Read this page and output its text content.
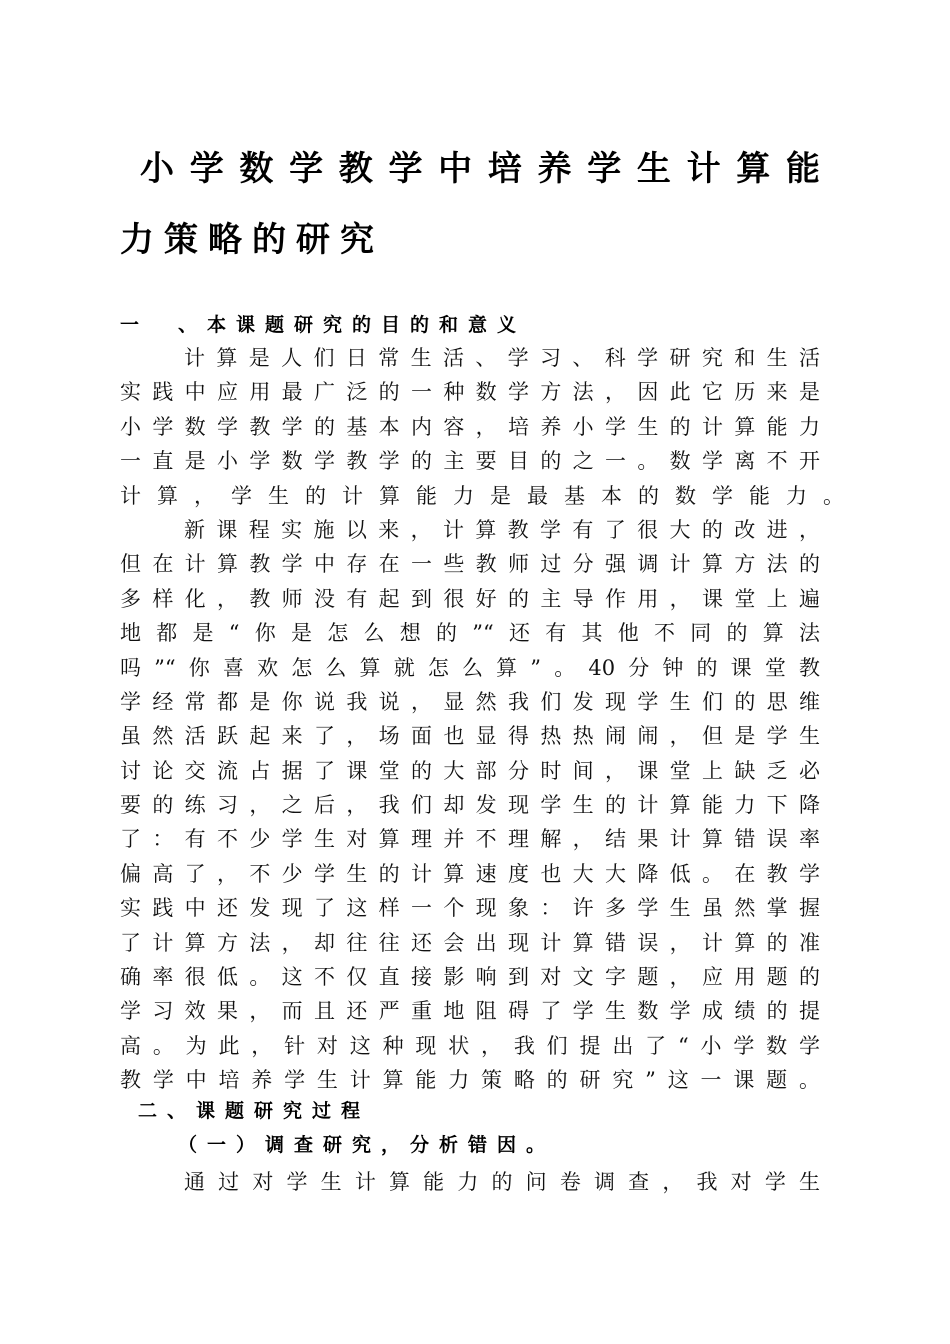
小学数学教学中培养学生计算能
力策略的研究
一　、本课题研究的目的和意义
计算是人们日常生活、学习、科学研究和生活
实践中应用最广泛的一种数学方法，因此它历来是
小学数学教学的基本内容，培养小学生的计算能力
一直是小学数学教学的主要目的之一。数学离不开
计算，学生的计算能力是最基本的数学能力。
新课程实施以来，计算教学有了很大的改进，
但在计算教学中存在一些教师过分强调计算方法的
多样化，教师没有起到很好的主导作用，课堂上遍
地都是“你是怎么想的”“还有其他不同的算法
吗”“你喜欢怎么算就怎么算”。40分钟的课堂教
学经常都是你说我说，显然我们发现学生们的思维
虽然活跃起来了，场面也显得热热闹闹，但是学生
讨论交流占据了课堂的大部分时间，课堂上缺乏必
要的练习，之后，我们却发现学生的计算能力下降
了：有不少学生对算理并不理解，结果计算错误率
偏高了，不少学生的计算速度也大大降低。在教学
实践中还发现了这样一个现象：许多学生虽然掌握
了计算方法，却往往还会出现计算错误，计算的准
确率很低。这不仅直接影响到对文字题，应用题的
学习效果，而且还严重地阻碍了学生数学成绩的提
高。为此，针对这种现状，我们提出了“小学数学
教学中培养学生计算能力策略的研究”这一课题。
二、课题研究过程
（一）调查研究，分析错因。
通过对学生计算能力的问卷调查，我对学生
